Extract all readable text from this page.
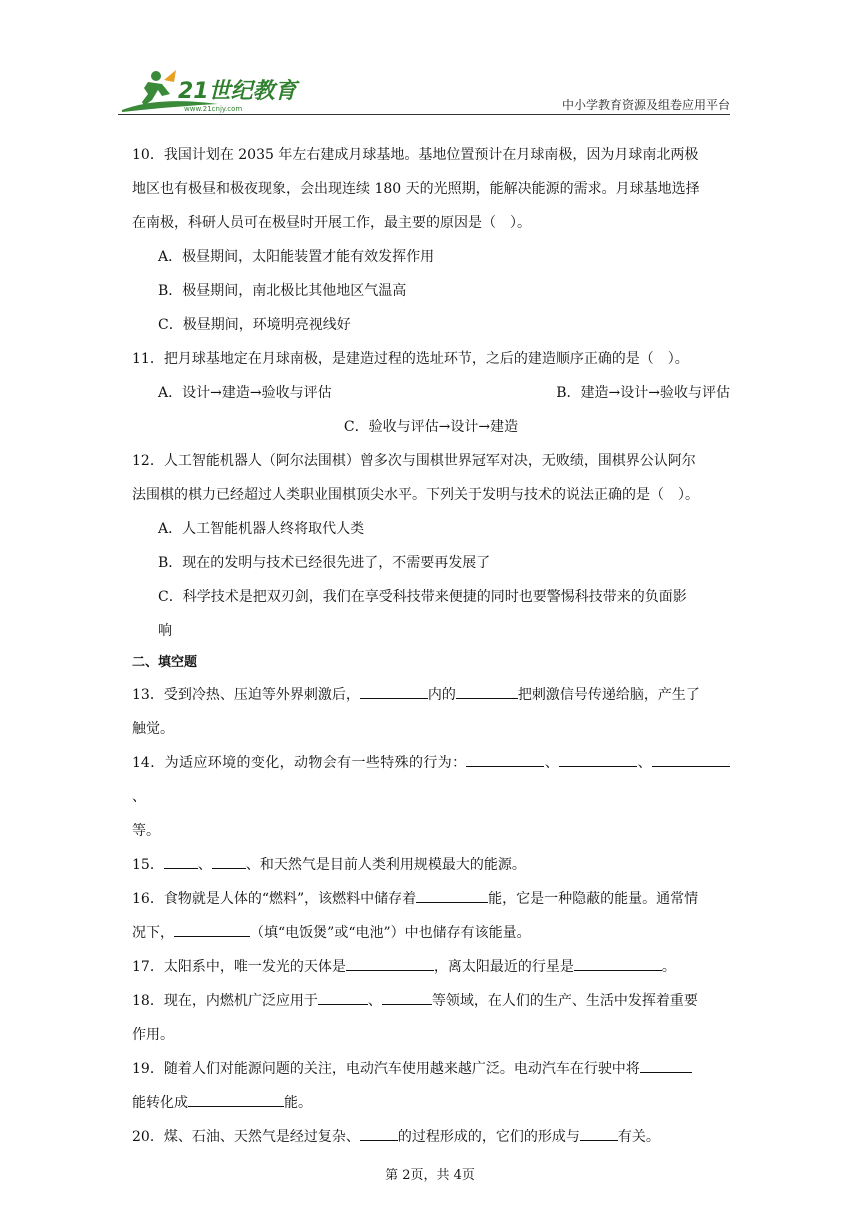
21世纪教育
www.21cnjy.com	中小学教育资源及组卷应用平台

10．我国计划在 2035 年左右建成月球基地。基地位置预计在月球南极，因为月球南北两极

地区也有极昼和极夜现象，会出现连续 180 天的光照期，能解决能源的需求。月球基地选择

在南极，科研人员可在极昼时开展工作，最主要的原因是（　）。

A．极昼期间，太阳能装置才能有效发挥作用

B．极昼期间，南北极比其他地区气温高

C．极昼期间，环境明亮视线好

11．把月球基地定在月球南极，是建造过程的选址环节，之后的建造顺序正确的是（　）。

A．设计→建造→验收与评估	B．建造→设计→验收与评估

C．验收与评估→设计→建造

12．人工智能机器人（阿尔法围棋）曾多次与围棋世界冠军对决，无败绩，围棋界公认阿尔

法围棋的棋力已经超过人类职业围棋顶尖水平。下列关于发明与技术的说法正确的是（　）。

A．人工智能机器人终将取代人类

B．现在的发明与技术已经很先进了，不需要再发展了

C．科学技术是把双刃剑，我们在享受科技带来便捷的同时也要警惕科技带来的负面影

响

二、填空题

13．受到冷热、压迫等外界刺激后，	内的	把刺激信号传递给脑，产生了

触觉。

14．为适应环境的变化，动物会有一些特殊的行为：	、	、、

等。

15． 、 、和天然气是目前人类利用规模最大的能源。

16．食物就是人体的“燃料”，该燃料中储存着	能，它是一种隐蔽的能量。通常情

况下，	（填“电饭煲”或“电池”）中也储存有该能量。

17．太阳系中，唯一发光的天体是	，离太阳最近的行星是	。

18．现在，内燃机广泛应用于	、	等领域，在人们的生产、生活中发挥着重要

作用。

19．随着人们对能源问题的关注，电动汽车使用越来越广泛。电动汽车在行驶中将

能转化成	能。

20．煤、石油、天然气是经过复杂、	的过程形成的，它们的形成与	有关。

第 2页，共 4页
